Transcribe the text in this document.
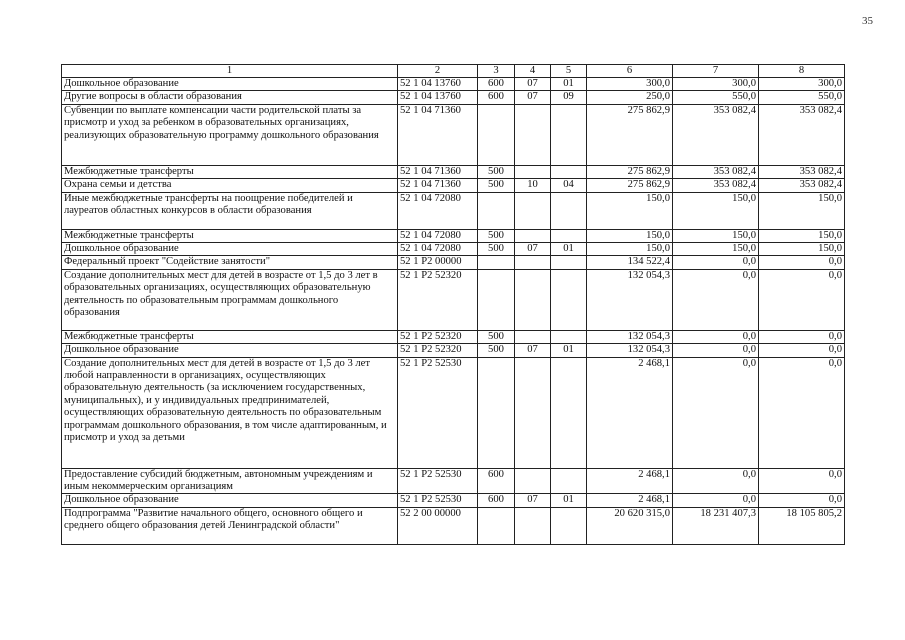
35
1	2	3	4	5	6	7	8
Дошкольное образование	52 1 04 13760	600	07	01	300,0	300,0	300,0
Другие вопросы в области образования	52 1 04 13760	600	07	09	250,0	550,0	550,0
Субвенции по выплате компенсации части родительской платы за присмотр и уход за ребенком в образовательных организациях, реализующих образовательную программу дошкольного образования	52 1 04 71360				275 862,9	353 082,4	353 082,4
Межбюджетные трансферты	52 1 04 71360	500			275 862,9	353 082,4	353 082,4
Охрана семьи и детства	52 1 04 71360	500	10	04	275 862,9	353 082,4	353 082,4
Иные межбюджетные трансферты на поощрение победителей и лауреатов областных конкурсов в области образования	52 1 04 72080				150,0	150,0	150,0
Межбюджетные трансферты	52 1 04 72080	500			150,0	150,0	150,0
Дошкольное образование	52 1 04 72080	500	07	01	150,0	150,0	150,0
Федеральный проект "Содействие занятости"	52 1 P2 00000				134 522,4	0,0	0,0
Создание дополнительных мест для детей в возрасте от 1,5 до 3 лет в образовательных организациях, осуществляющих образовательную деятельность по образовательным программам дошкольного образования	52 1 P2 52320				132 054,3	0,0	0,0
Межбюджетные трансферты	52 1 P2 52320	500			132 054,3	0,0	0,0
Дошкольное образование	52 1 P2 52320	500	07	01	132 054,3	0,0	0,0
Создание дополнительных мест для детей в возрасте от 1,5 до 3 лет любой направленности в организациях, осуществляющих образовательную деятельность (за исключением государственных, муниципальных), и у индивидуальных предпринимателей, осуществляющих образовательную деятельность по образовательным программам дошкольного образования, в том числе адаптированным, и присмотр и уход за детьми	52 1 P2 52530				2 468,1	0,0	0,0
Предоставление субсидий бюджетным, автономным учреждениям и иным некоммерческим организациям	52 1 P2 52530	600			2 468,1	0,0	0,0
Дошкольное образование	52 1 P2 52530	600	07	01	2 468,1	0,0	0,0
Подпрограмма "Развитие начального общего, основного общего и среднего общего образования детей Ленинградской области"	52 2 00 00000				20 620 315,0	18 231 407,3	18 105 805,2
